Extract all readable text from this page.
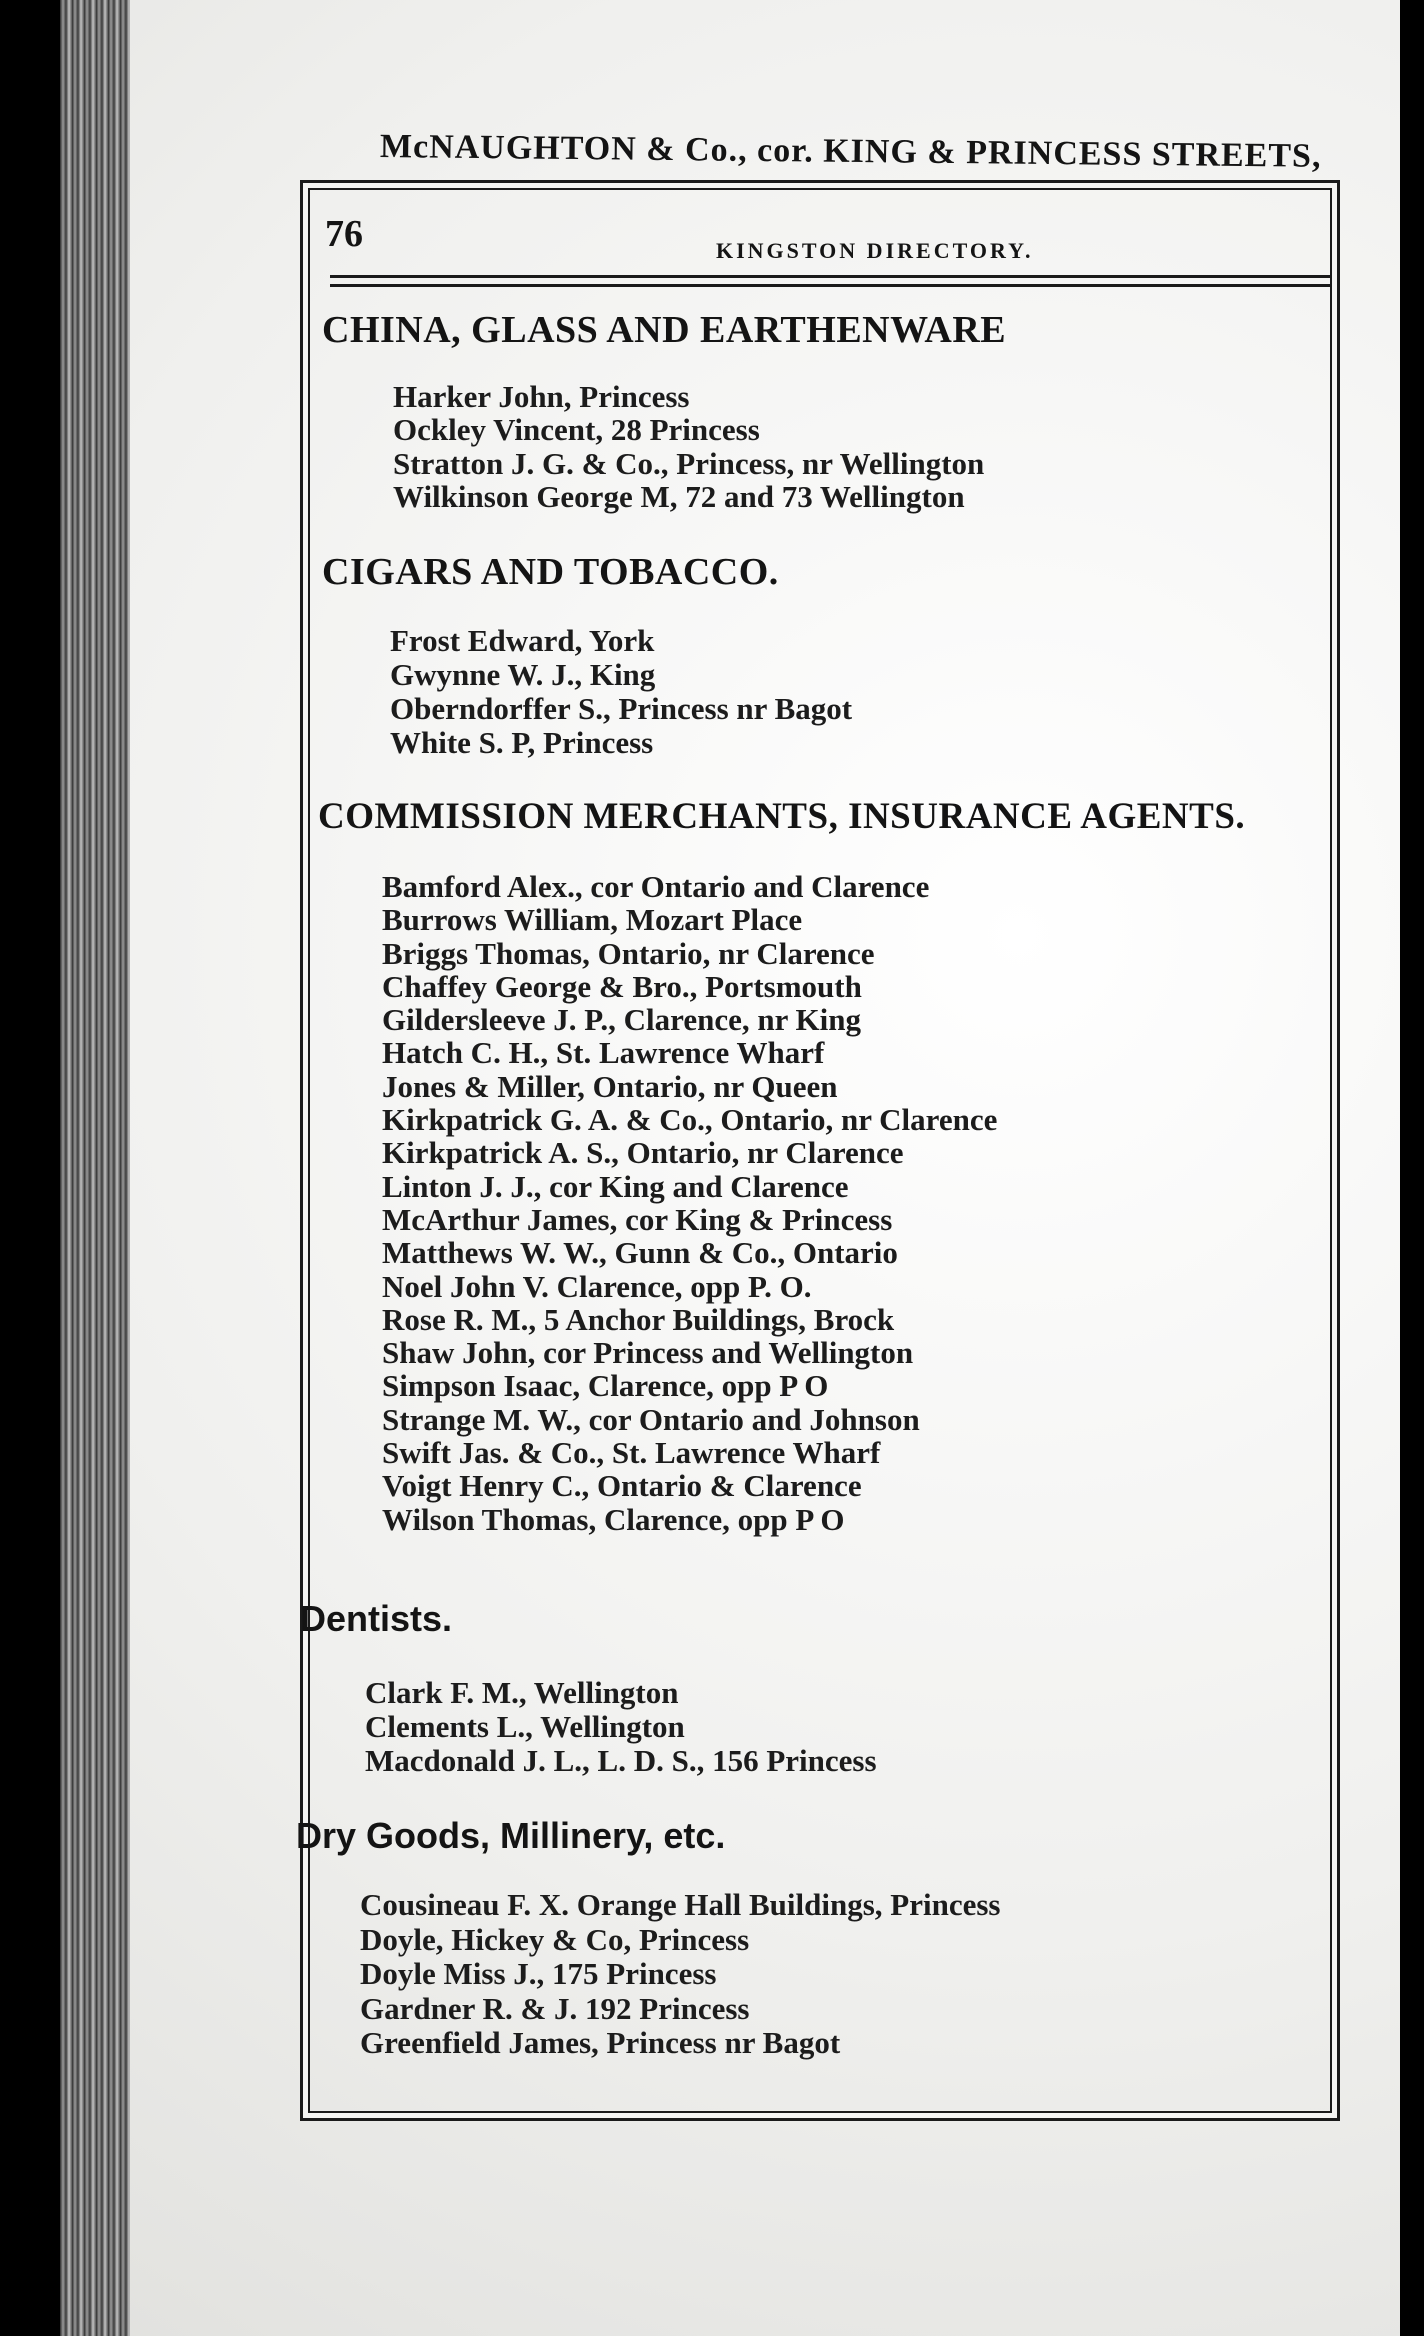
McNAUGHTON & Co., cor. KING & PRINCESS STREETS,
76	KINGSTON DIRECTORY.
CHINA, GLASS AND EARTHENWARE
Harker John, Princess
Ockley Vincent, 28 Princess
Stratton J. G. & Co., Princess, nr Wellington
Wilkinson George M, 72 and 73 Wellington
CIGARS AND TOBACCO.
Frost Edward, York
Gwynne W. J., King
Oberndorffer S., Princess nr Bagot
White S. P, Princess
COMMISSION MERCHANTS, INSURANCE AGENTS.
Bamford Alex., cor Ontario and Clarence
Burrows William, Mozart Place
Briggs Thomas, Ontario, nr Clarence
Chaffey George & Bro., Portsmouth
Gildersleeve J. P., Clarence, nr King
Hatch C. H., St. Lawrence Wharf
Jones & Miller, Ontario, nr Queen
Kirkpatrick G. A. & Co., Ontario, nr Clarence
Kirkpatrick A. S., Ontario, nr Clarence
Linton J. J., cor King and Clarence
McArthur James, cor King & Princess
Matthews W. W., Gunn & Co., Ontario
Noel John V. Clarence, opp P. O.
Rose R. M., 5 Anchor Buildings, Brock
Shaw John, cor Princess and Wellington
Simpson Isaac, Clarence, opp P O
Strange M. W., cor Ontario and Johnson
Swift Jas. & Co., St. Lawrence Wharf
Voigt Henry C., Ontario & Clarence
Wilson Thomas, Clarence, opp P O
Dentists.
Clark F. M., Wellington
Clements L., Wellington
Macdonald J. L., L. D. S., 156 Princess
Dry Goods, Millinery, etc.
Cousineau F. X. Orange Hall Buildings, Princess
Doyle, Hickey & Co, Princess
Doyle Miss J., 175 Princess
Gardner R. & J. 192 Princess
Greenfield James, Princess nr Bagot
